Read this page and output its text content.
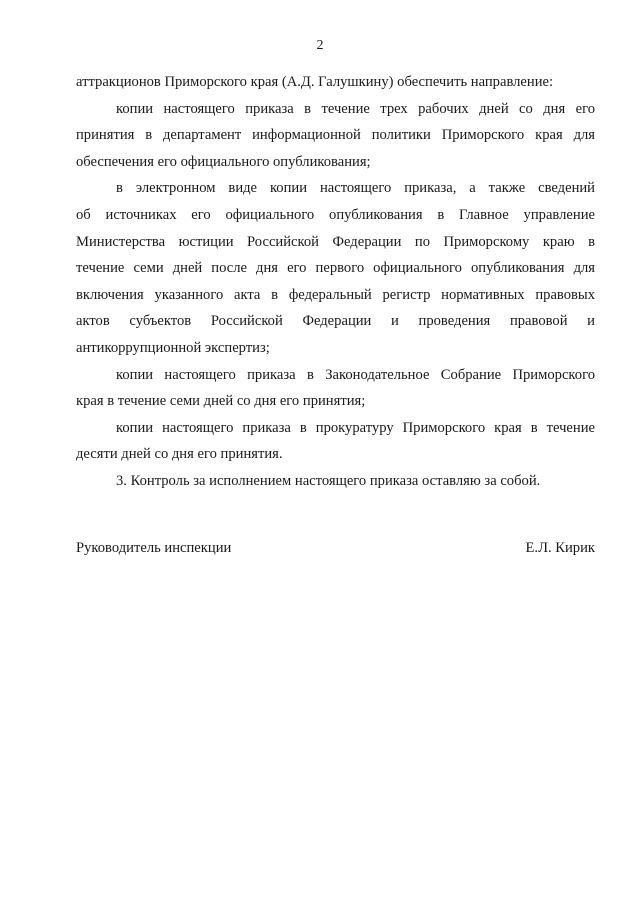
2
аттракционов Приморского края (А.Д. Галушкину) обеспечить направление:
копии настоящего приказа в течение трех рабочих дней со дня его
принятия в департамент информационной политики Приморского края для
обеспечения его официального опубликования;
в электронном виде копии настоящего приказа, а также сведений
об источниках его официального опубликования в Главное управление
Министерства юстиции Российской Федерации по Приморскому краю в
течение семи дней после дня его первого официального опубликования для
включения указанного акта в федеральный регистр нормативных правовых
актов субъектов Российской Федерации и проведения правовой и
антикоррупционной экспертиз;
копии настоящего приказа в Законодательное Собрание Приморского
края в течение семи дней со дня его принятия;
копии настоящего приказа в прокуратуру Приморского края в течение
десяти дней со дня его принятия.
3. Контроль за исполнением настоящего приказа оставляю за собой.
Руководитель инспекции	Е.Л. Кирик
